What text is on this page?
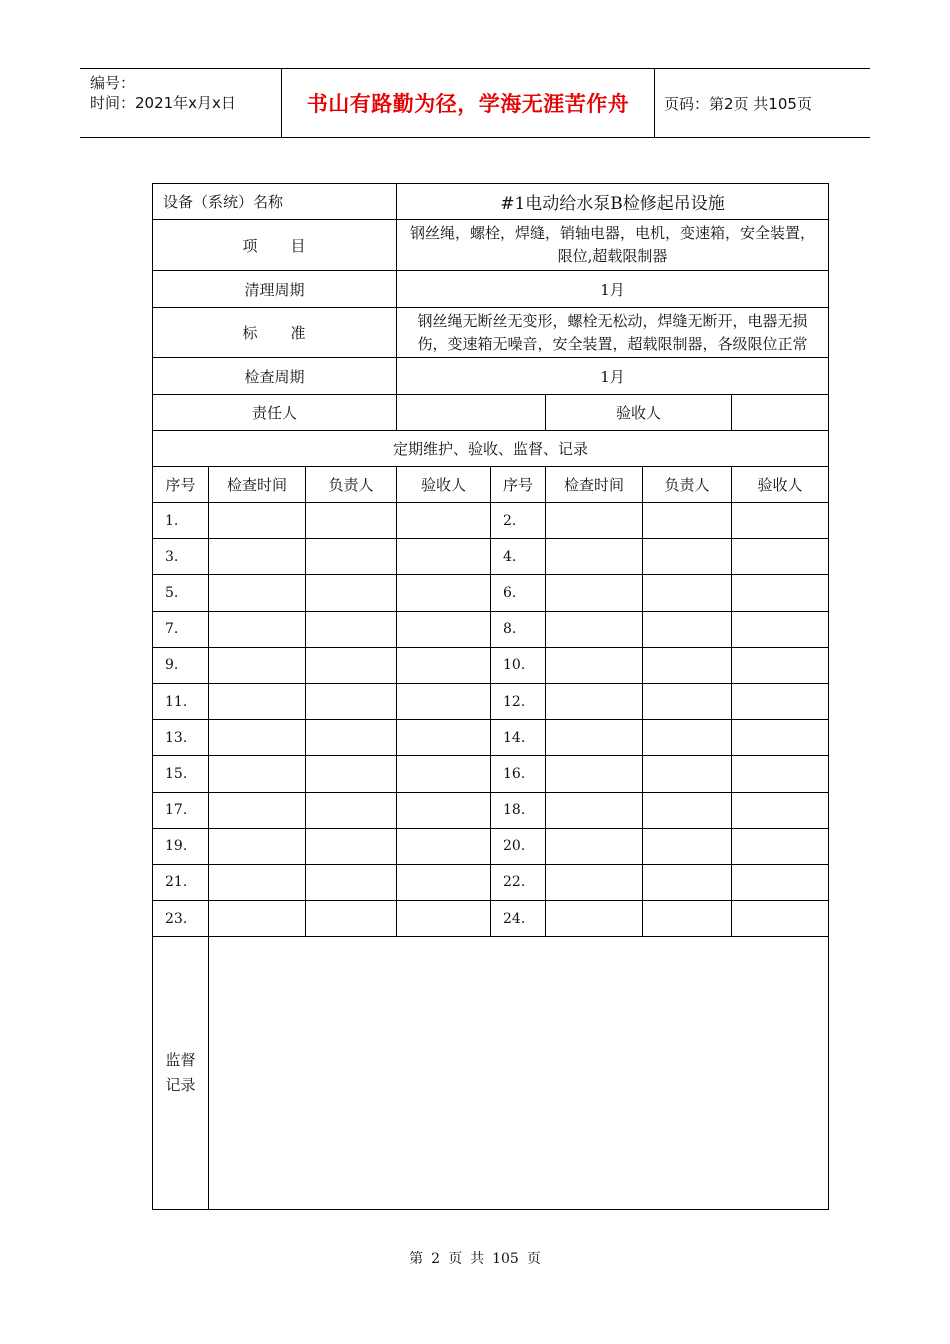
编号：
时间：2021年x月x日	书山有路勤为径，学海无涯苦作舟	页码：第2页 共105页
设备（系统）名称			#1电动给水泵B检修起吊设施				
项　　目			钢丝绳，螺栓，焊缝，销轴电器，电机，变速箱，安全装置，限位,超载限制器				
清理周期			1月				
标　　准			钢丝绳无断丝无变形，螺栓无松动，焊缝无断开，电器无损伤，变速箱无噪音，安全装置，超载限制器，各级限位正常				
检查周期			1月				
责任人					验收人		
定期维护、验收、监督、记录							
序号	检查时间	负责人	验收人	序号	检查时间	负责人	验收人
1.				2.			
3.				4.			
5.				6.			
7.				8.			
9.				10.			
11.				12.			
13.				14.			
15.				16.			
17.				18.			
19.				20.			
21.				22.			
23.				24.			

监督
记录							

第 2 页 共 105 页
